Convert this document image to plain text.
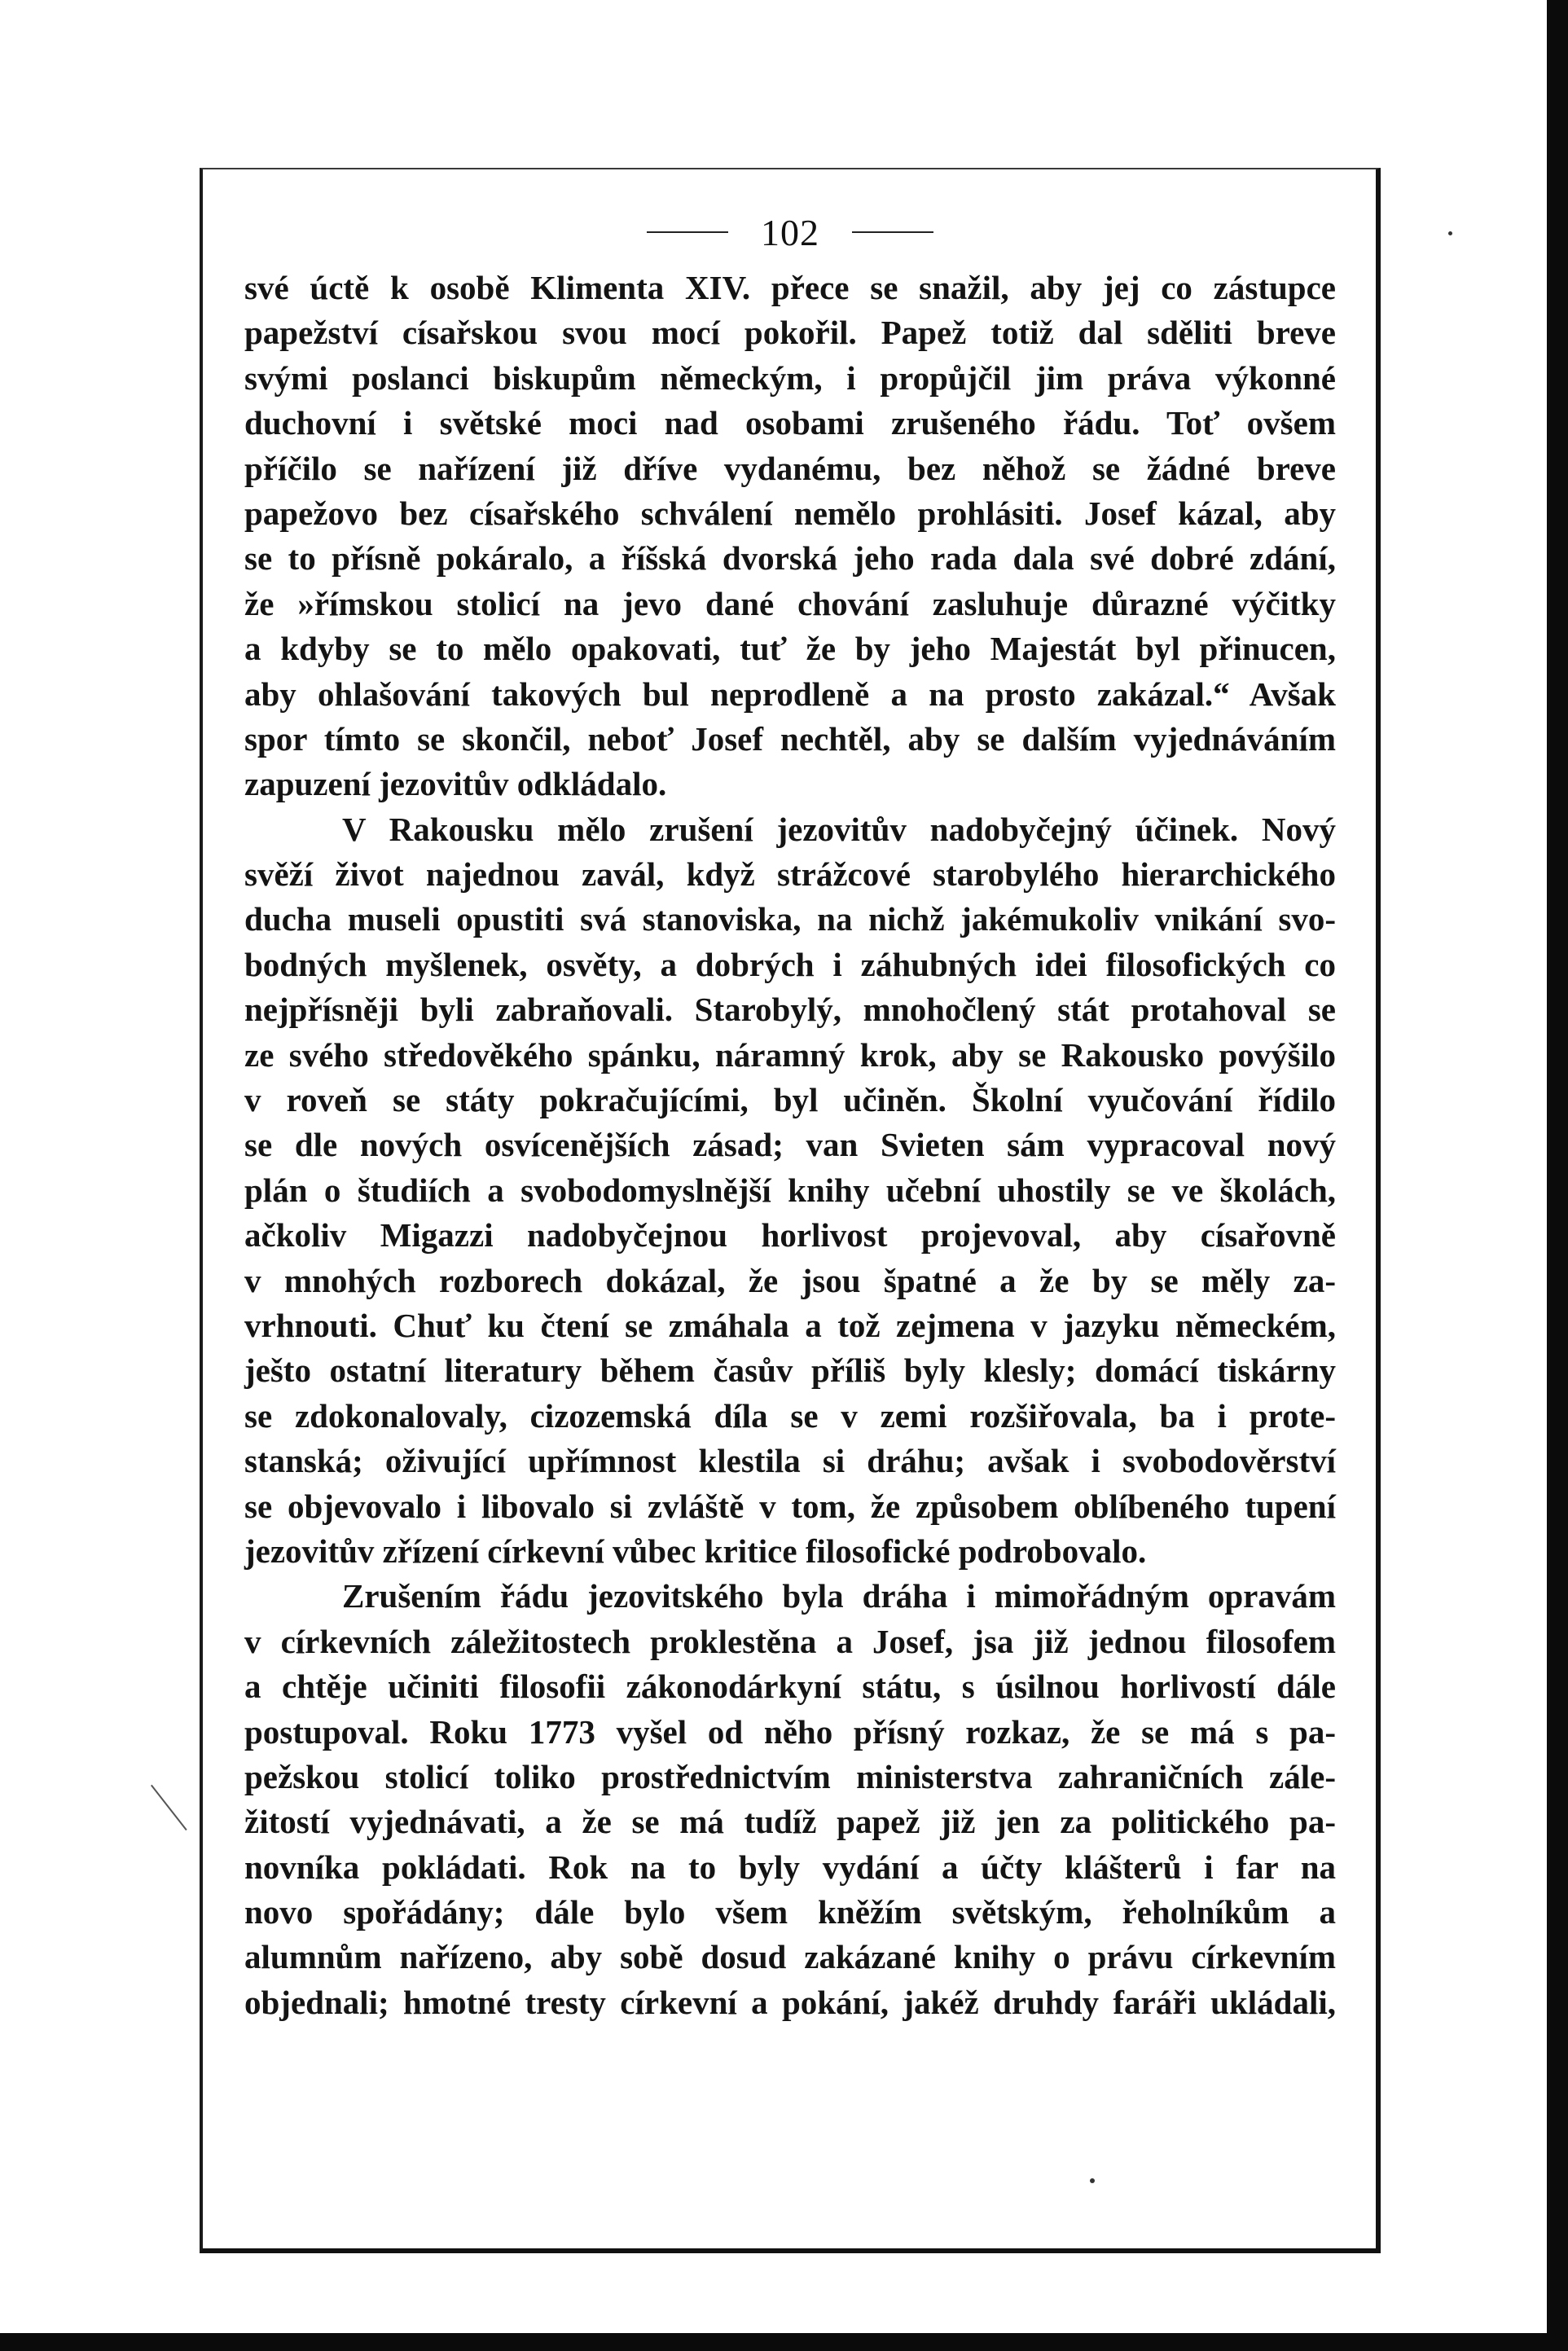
102
své úctě k osobě Klimenta XIV. přece se snažil, aby jej co zástupce
papežství císařskou svou mocí pokořil. Papež totiž dal sděliti breve
svými poslanci biskupům německým, i propůjčil jim práva výkonné
duchovní i světské moci nad osobami zrušeného řádu. Toť ovšem
příčilo se nařízení již dříve vydanému, bez něhož se žádné breve
papežovo bez císařského schválení nemělo prohlásiti. Josef kázal, aby
se to přísně pokáralo, a říšská dvorská jeho rada dala své dobré zdání,
že »římskou stolicí na jevo dané chování zasluhuje důrazné výčitky
a kdyby se to mělo opakovati, tuť že by jeho Majestát byl přinucen,
aby ohlašování takových bul neprodleně a na prosto zakázal.“ Avšak
spor tímto se skončil, neboť Josef nechtěl, aby se dalším vyjednáváním
zapuzení jezovitův odkládalo.
V Rakousku mělo zrušení jezovitův nadobyčejný účinek. Nový
svěží život najednou zavál, když strážcové starobylého hierarchického
ducha museli opustiti svá stanoviska, na nichž jakémukoliv vnikání svo-
bodných myšlenek, osvěty, a dobrých i záhubných idei filosofických co
nejpřísněji byli zabraňovali. Starobylý, mnohočlený stát protahoval se
ze svého středověkého spánku, náramný krok, aby se Rakousko povýšilo
v roveň se státy pokračujícími, byl učiněn. Školní vyučování řídilo
se dle nových osvícenějších zásad; van Svieten sám vypracoval nový
plán o študiích a svobodomyslnější knihy učební uhostily se ve školách,
ačkoliv Migazzi nadobyčejnou horlivost projevoval, aby císařovně
v mnohých rozborech dokázal, že jsou špatné a že by se měly za-
vrhnouti. Chuť ku čtení se zmáhala a tož zejmena v jazyku německém,
ješto ostatní literatury během časův příliš byly klesly; domácí tiskárny
se zdokonalovaly, cizozemská díla se v zemi rozšiřovala, ba i prote-
stanská; oživující upřímnost klestila si dráhu; avšak i svobodověrství
se objevovalo i libovalo si zvláště v tom, že způsobem oblíbeného tupení
jezovitův zřízení církevní vůbec kritice filosofické podrobovalo.
Zrušením řádu jezovitského byla dráha i mimořádným opravám
v církevních záležitostech proklestěna a Josef, jsa již jednou filosofem
a chtěje učiniti filosofii zákonodárkyní státu, s úsilnou horlivostí dále
postupoval. Roku 1773 vyšel od něho přísný rozkaz, že se má s pa-
pežskou stolicí toliko prostřednictvím ministerstva zahraničních zále-
žitostí vyjednávati, a že se má tudíž papež již jen za politického pa-
novníka pokládati. Rok na to byly vydání a účty klášterů i far na
novo spořádány; dále bylo všem kněžím světským, řeholníkům a
alumnům nařízeno, aby sobě dosud zakázané knihy o právu církevním
objednali; hmotné tresty církevní a pokání, jakéž druhdy faráři ukládali,
